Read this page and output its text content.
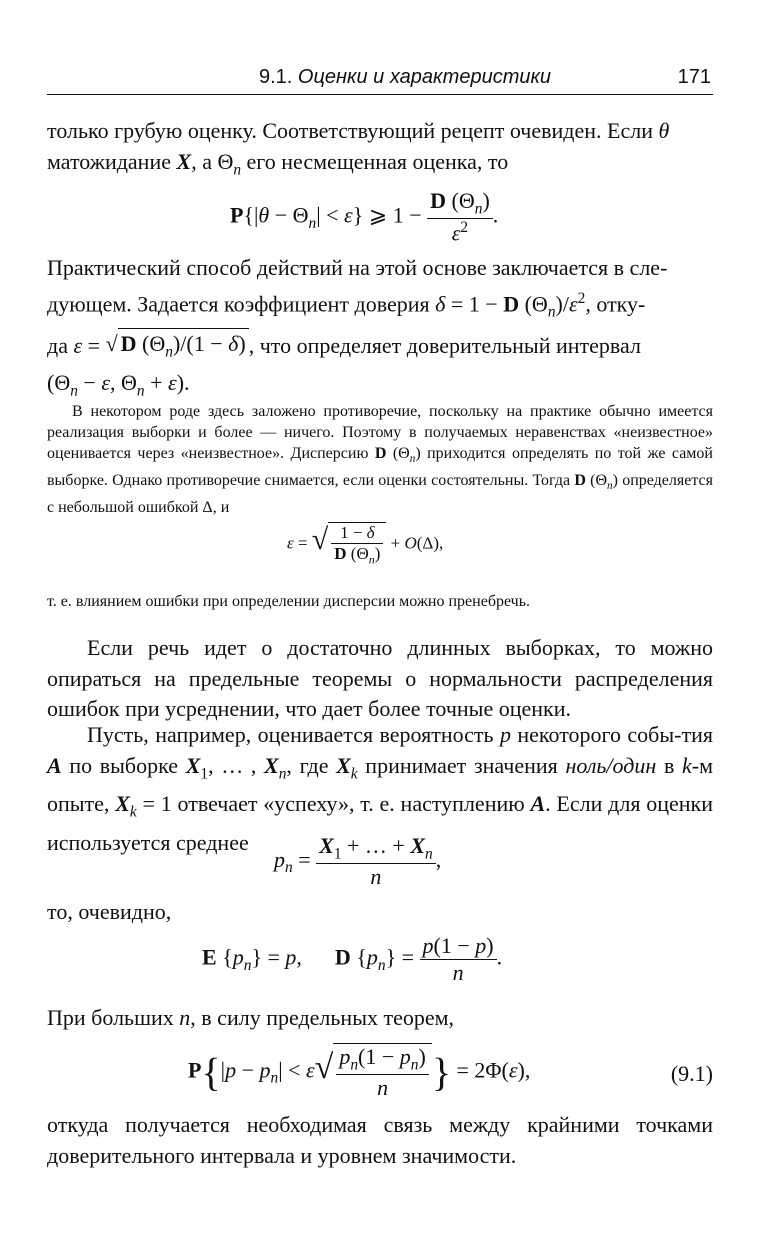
9.1. Оценки и характеристики	171

только грубую оценку. Соответствующий рецепт очевиден. Если θ
матожидание X, а $\Theta_n$ его несмещенная оценка, то

$P\{|\theta - \Theta_n| < \varepsilon\}$ ⩾ $1 - \frac{D (\Theta_n)}{\varepsilon^2}$ .

Практический способ действий на этой основе заключается в сле-
дующем. Задается коэффициент доверия δ = 1 − D $(\Theta_n)/\varepsilon^2$, отку-
да ε = √ D $(\Theta_n)/(1 - \delta)$ , что определяет доверительный интервал
($\Theta_n - \varepsilon$, $\Theta_n + \varepsilon$).

В некотором роде здесь заложено противоречие, поскольку на практике обычно имеется реализация выборки и более — ничего. Поэтому в получаемых неравенствах «неизвестное» оценивается через «неизвестное». Дисперсию D $(\Theta_n)$ приходится определять по той же самой выборке. Однако противоречие снимается, если оценки состоятельны. Тогда D $(\Theta_n)$ определяется с небольшой ошибкой Δ, и

ε = √ $\frac{1 - \delta}{D (\Theta_n)} + O(\Delta)$,

т. е. влиянием ошибки при определении дисперсии можно пренебречь.

Если речь идет о достаточно длинных выборках, то можно опираться на предельные теоремы о нормальности распределения ошибок при усреднении, что дает более точные оценки.

Пусть, например, оценивается вероятность p некоторого собы-тия A по выборке $X_1$, … , $X_n$, где $X_k$ принимает значения ноль/один в k-м опыте, $X_k = 1$ отвечает «успеху», т. е. наступлению A. Если для оценки используется среднее

$p_n = \frac{X_1 + \dots + X_n}{n}$ ,

то, очевидно,

E $\{p_n\} = p$,      D $\{p_n\} = \frac{p(1 - p)}{n}$ .

При больших n, в силу предельных теорем,

$P\{|p - p_n| < \varepsilon√ \frac{p_n(1 - p_n)}{n}$ } = 2Φ(ε),	(9.1)

откуда получается необходимая связь между крайними точками доверительного интервала и уровнем значимости.
